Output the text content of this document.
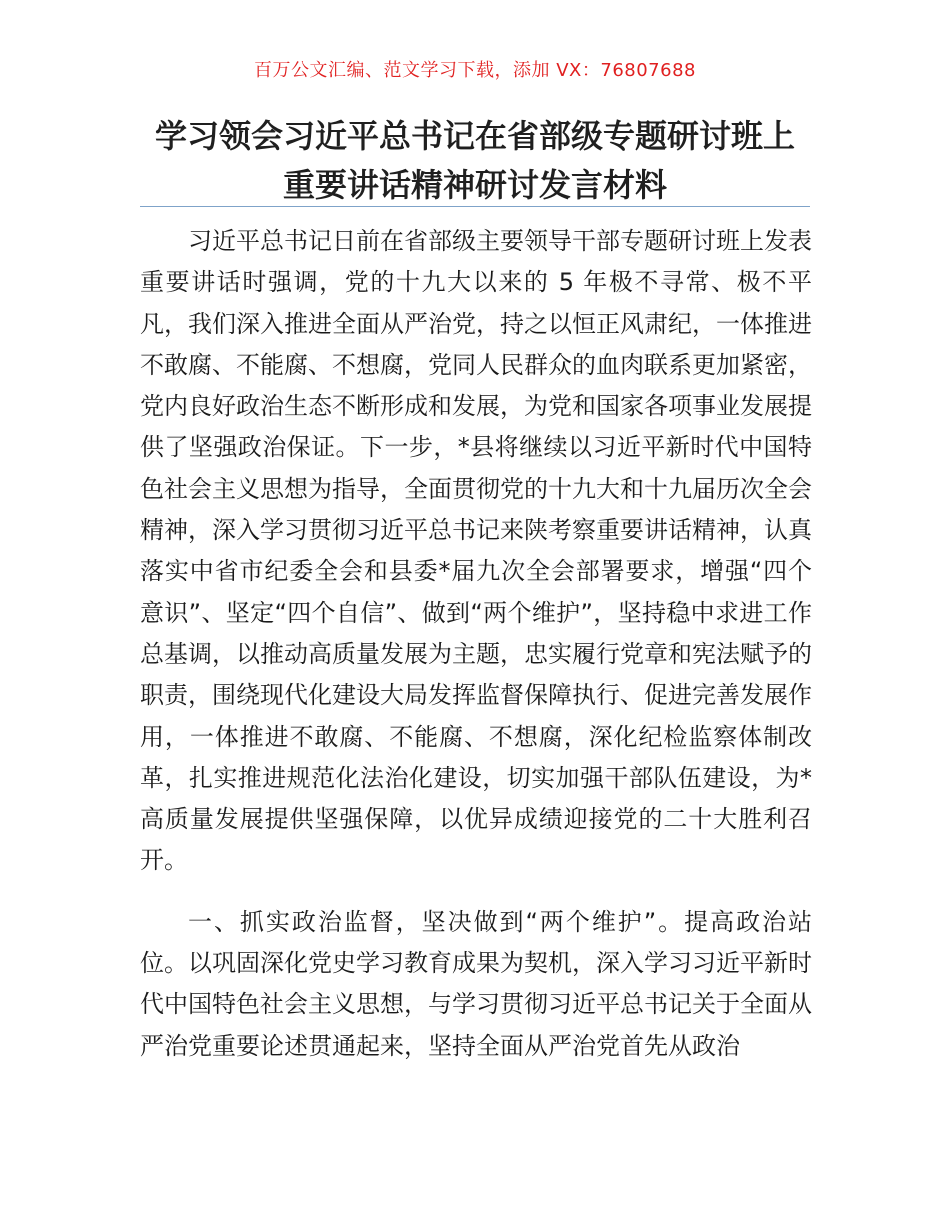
百万公文汇编、范文学习下载，添加 VX：76807688
学习领会习近平总书记在省部级专题研讨班上
重要讲话精神研讨发言材料

习近平总书记日前在省部级主要领导干部专题研讨班上发表重要讲话时强调，党的十九大以来的 5 年极不寻常、极不平凡，我们深入推进全面从严治党，持之以恒正风肃纪，一体推进不敢腐、不能腐、不想腐，党同人民群众的血肉联系更加紧密，党内良好政治生态不断形成和发展，为党和国家各项事业发展提供了坚强政治保证。下一步，*县将继续以习近平新时代中国特色社会主义思想为指导，全面贯彻党的十九大和十九届历次全会精神，深入学习贯彻习近平总书记来陕考察重要讲话精神，认真落实中省市纪委全会和县委*届九次全会部署要求，增强“四个意识”、坚定“四个自信”、做到“两个维护”，坚持稳中求进工作总基调，以推动高质量发展为主题，忠实履行党章和宪法赋予的职责，围绕现代化建设大局发挥监督保障执行、促进完善发展作用，一体推进不敢腐、不能腐、不想腐，深化纪检监察体制改革，扎实推进规范化法治化建设，切实加强干部队伍建设，为*高质量发展提供坚强保障，以优异成绩迎接党的二十大胜利召开。

一、抓实政治监督，坚决做到“两个维护”。提高政治站位。以巩固深化党史学习教育成果为契机，深入学习习近平新时代中国特色社会主义思想，与学习贯彻习近平总书记关于全面从严治党重要论述贯通起来，坚持全面从严治党首先从政治
